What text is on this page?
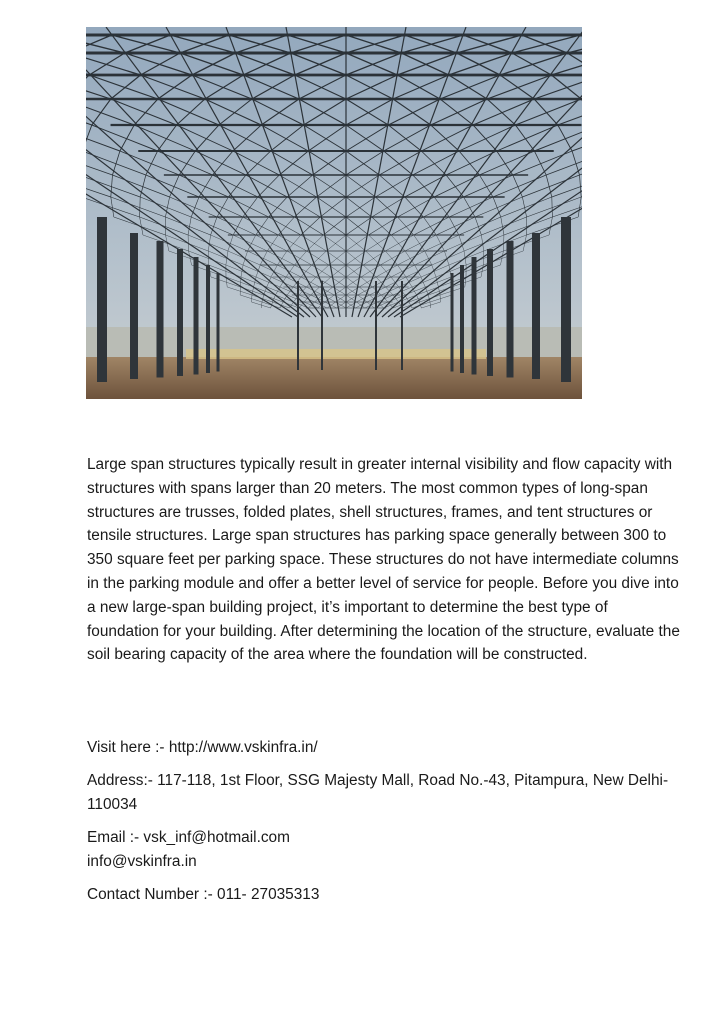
Large span structures typically result in greater internal visibility and flow capacity with structures with spans larger than 20 meters. The most common types of long-span structures are trusses, folded plates, shell structures, frames, and tent structures or tensile structures. Large span structures has parking space generally between 300 to 350 square feet per parking space. These structures do not have intermediate columns in the parking module and offer a better level of service for people. Before you dive into a new large-span building project, it’s important to determine the best type of foundation for your building. After determining the location of the structure, evaluate the soil bearing capacity of the area where the foundation will be constructed.

Visit here :- http://www.vskinfra.in/

Address:- 117-118, 1st Floor, SSG Majesty Mall, Road No.-43, Pitampura, New Delhi- 110034

Email :- vsk_inf@hotmail.com
info@vskinfra.in

Contact Number :- 011- 27035313
